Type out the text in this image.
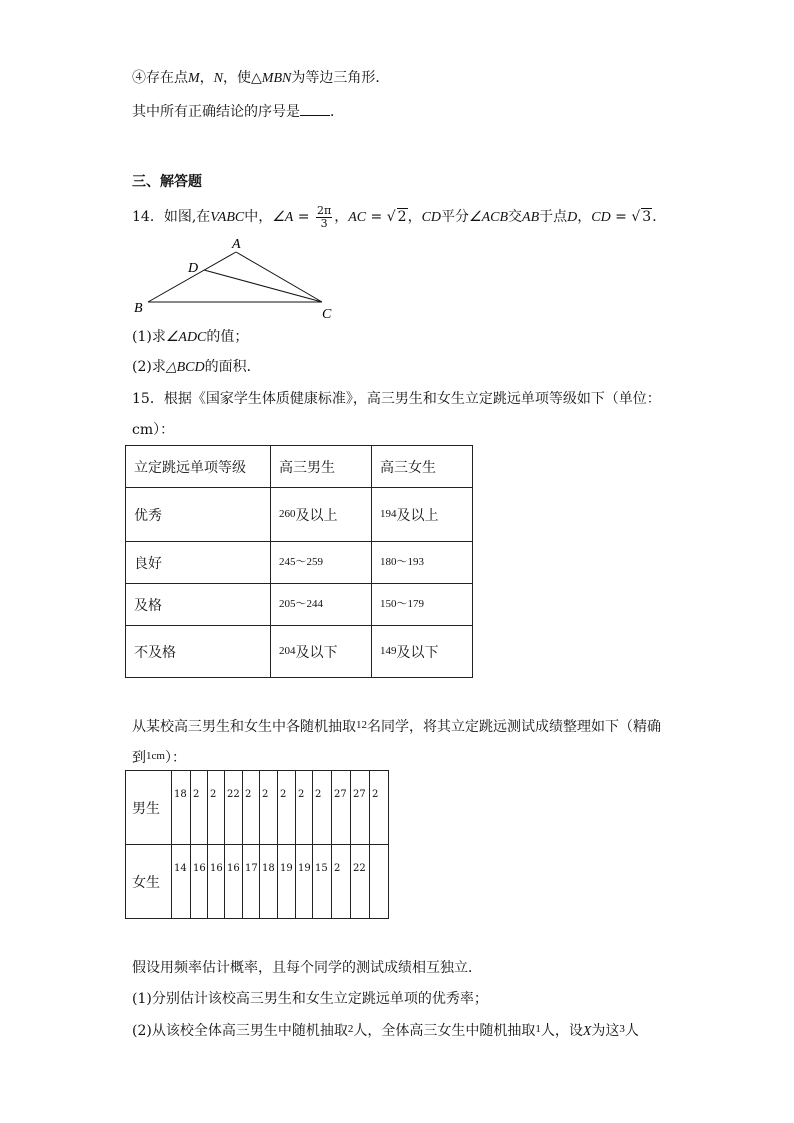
④存在点M，N，使△MBN为等边三角形．
其中所有正确结论的序号是 ．
三、解答题
14．如图,在VABC中，∠A = $\frac{2\pi}{3}$ ，AC = √ 2，CD平分∠ACB交AB于点D，CD = √ 3．
A
D
B	C
(1)求∠ADC的值；
(2)求△BCD的面积．
15．根据《国家学生体质健康标准》，高三男生和女生立定跳远单项等级如下（单位：
cm）：
立定跳远单项等级	高三男生	高三女生
优秀	$^{260}$及以上	$^{194}$及以上
良好	$^{245\sim 259}$	$^{180\sim 193}$
及格	$^{205\sim 244}$	$^{150\sim 179}$
不及格	$^{204}$及以下	$^{149}$及以下
从某校高三男生和女生中各随机抽取$^{12}$名同学，将其立定跳远测试成绩整理如下（精确
到$^{1cm}$）：
男生	18	2	2	22	2	2	2	2	2	27	27	2
女生	14	16	16	16	17	18	19	19	15	2	22	
假设用频率估计概率，且每个同学的测试成绩相互独立．
(1)分别估计该校高三男生和女生立定跳远单项的优秀率；
(2)从该校全体高三男生中随机抽取$^2$人，全体高三女生中随机抽取$^1$人，设X为这$^3$人
